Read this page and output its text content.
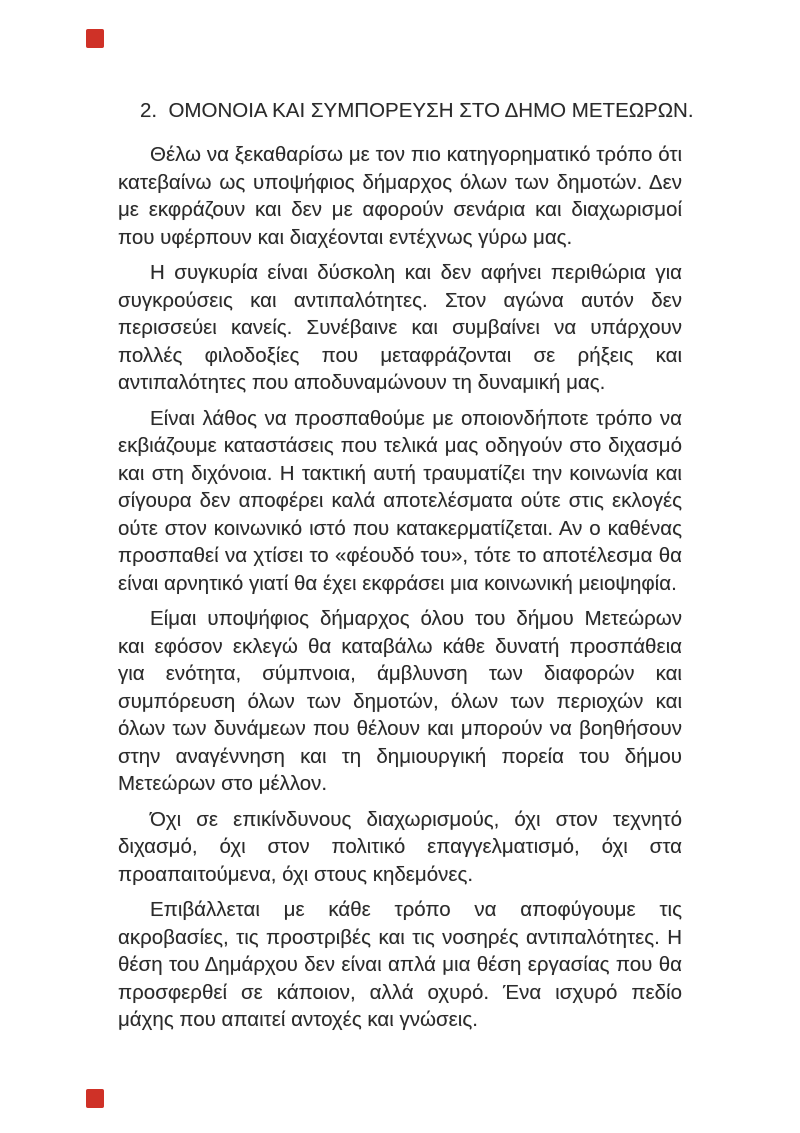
2.  ΟΜΟΝΟΙΑ ΚΑΙ ΣΥΜΠΟΡΕΥΣΗ ΣΤΟ ΔΗΜΟ ΜΕΤΕΩΡΩΝ.

Θέλω να ξεκαθαρίσω με τον πιο κατηγορηματικό τρόπο ότι κατεβαίνω ως υποψήφιος δήμαρχος όλων των δημοτών. Δεν με εκφράζουν και δεν με αφορούν σενάρια και διαχωρισμοί που υφέρπουν και διαχέονται εντέχνως γύρω μας.

Η συγκυρία είναι δύσκολη και δεν αφήνει περιθώρια για συγκρούσεις και αντιπαλότητες. Στον αγώνα αυτόν δεν περισσεύει κανείς. Συνέβαινε και συμβαίνει να υπάρχουν πολλές φιλοδοξίες που μεταφράζονται σε ρήξεις και αντιπαλότητες που αποδυναμώνουν τη δυναμική μας.

Είναι λάθος να προσπαθούμε με οποιονδήποτε τρόπο να εκβιάζουμε καταστάσεις που τελικά μας οδηγούν στο διχασμό και στη διχόνοια. Η τακτική αυτή τραυματίζει την κοινωνία και σίγουρα δεν αποφέρει καλά αποτελέσματα ούτε στις εκλογές ούτε στον κοινωνικό ιστό που κατακερματίζεται. Αν ο καθένας προσπαθεί να χτίσει το «φέουδό του», τότε το αποτέλεσμα θα είναι αρνητικό γιατί θα έχει εκφράσει μια κοινωνική μειοψηφία.

Είμαι υποψήφιος δήμαρχος όλου του δήμου Μετεώρων και εφόσον εκλεγώ θα καταβάλω κάθε δυνατή προσπάθεια για ενότητα, σύμπνοια, άμβλυνση των διαφορών και συμπόρευση όλων των δημοτών, όλων των περιοχών και όλων των δυνάμεων που θέλουν και μπορούν να βοηθήσουν στην αναγέννηση και τη δημιουργική πορεία του δήμου Μετεώρων στο μέλλον.

Όχι σε επικίνδυνους διαχωρισμούς, όχι στον τεχνητό διχασμό, όχι στον πολιτικό επαγγελματισμό, όχι στα προαπαιτούμενα, όχι στους κηδεμόνες.

Επιβάλλεται με κάθε τρόπο να αποφύγουμε τις ακροβασίες, τις προστριβές και τις νοσηρές αντιπαλότητες. Η θέση του Δημάρχου δεν είναι απλά μια θέση εργασίας που θα προσφερθεί σε κάποιον, αλλά οχυρό. Ένα ισχυρό πεδίο μάχης που απαιτεί αντοχές και γνώσεις.
